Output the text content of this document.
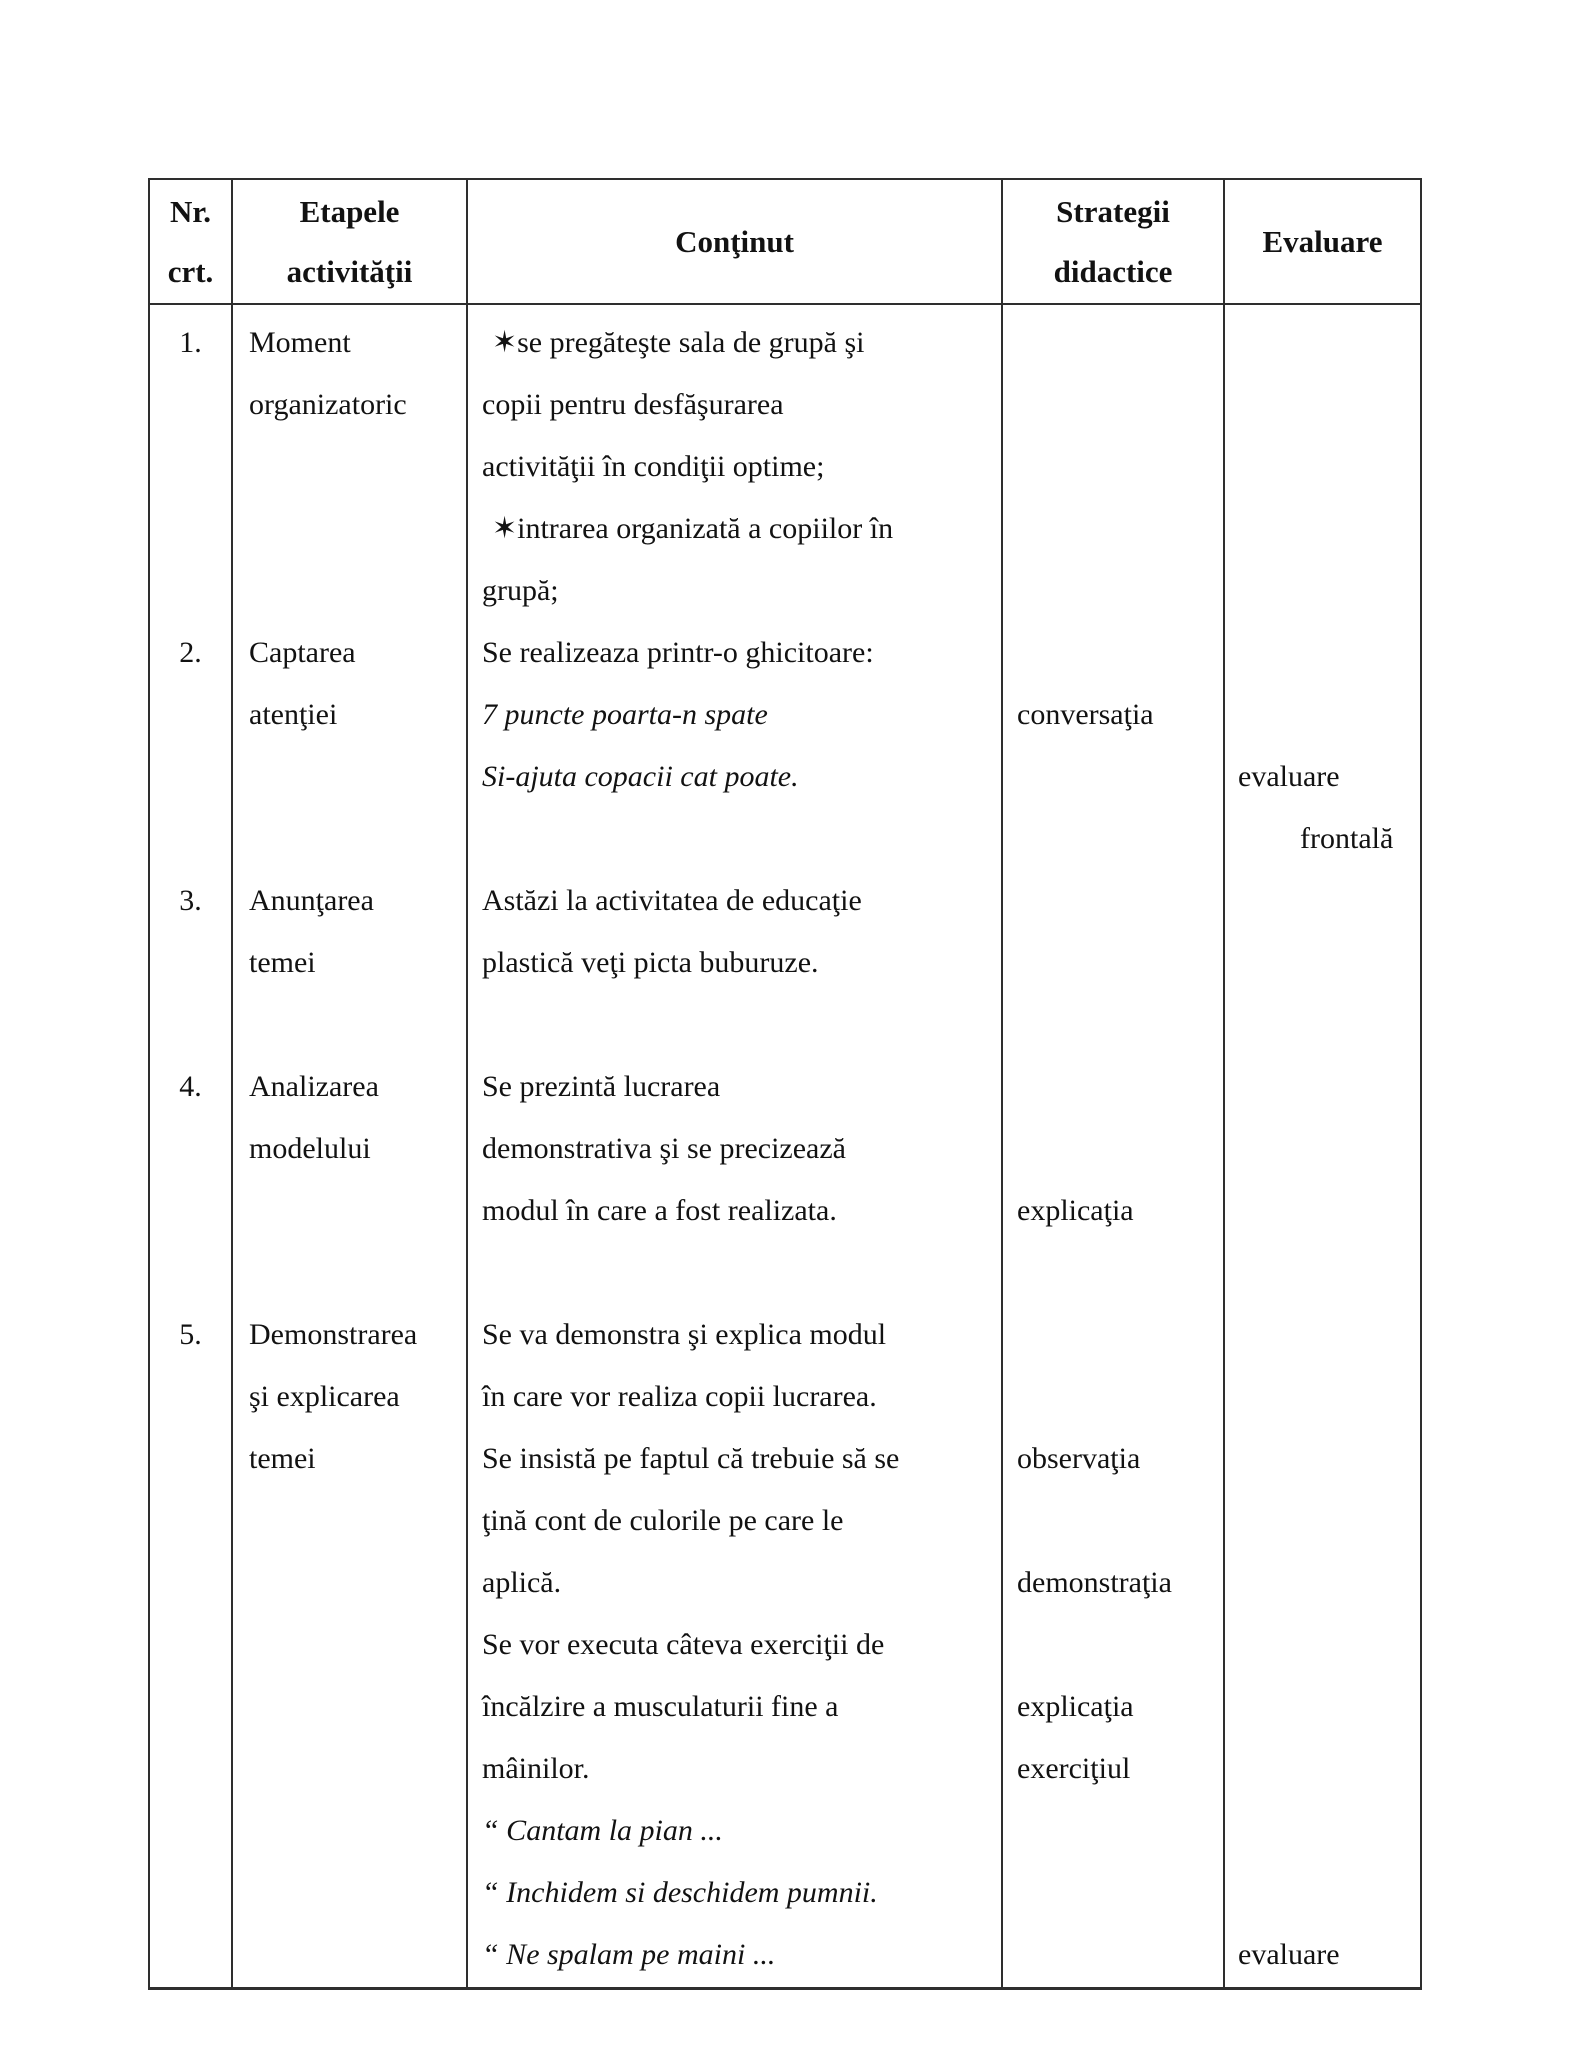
Nr.
crt.
Etapele
activităţii
Conţinut
Strategii
didactice
Evaluare
1.
2.
3.
4.
5.
Moment
organizatoric
Captarea
atenţiei
Anunţarea
temei
Analizarea
modelului
Demonstrarea
şi explicarea
temei
✶se pregăteşte sala de grupă şi
copii pentru desfăşurarea
activităţii în condiţii optime;
✶intrarea organizată a copiilor în
grupă;
Se realizeaza printr-o ghicitoare:
7 puncte poarta-n spate
Si-ajuta copacii cat poate.
Astăzi la activitatea de educaţie
plastică veţi picta buburuze.
Se prezintă lucrarea
demonstrativa şi se precizează
modul în care a fost realizata.
Se va demonstra şi explica modul
în care vor realiza copii lucrarea.
Se insistă pe faptul că trebuie să se
ţină cont de culorile pe care le
aplică.
Se vor executa câteva exerciţii de
încălzire a musculaturii fine a
mâinilor.
“ Cantam la pian ...
“ Inchidem si deschidem pumnii.
“ Ne spalam pe maini ...
conversaţia
explicaţia
observaţia
demonstraţia
explicaţia
exerciţiul
evaluare
frontală
evaluare
